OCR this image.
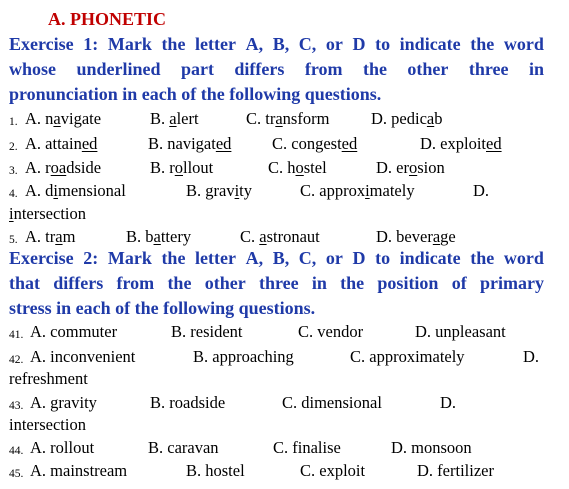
A. PHONETIC
Exercise 1: Mark the letter A, B, C, or D to indicate the word
whose underlined part differs from the other three in
pronunciation in each of the following questions.
1. A. navigate	B. alert	C. transform	D. pedicab
2. A. attained	B. navigated C. congested	D. exploited
3. A. roadside	B. rollout	C. hostel	D. erosion
4. A. dimensional	B. gravity	C. approximately	D.
intersection
5. A. tram	B. battery	C. astronaut	D. beverage
Exercise 2: Mark the letter A, B, C, or D to indicate the word
that differs from the other three in the position of primary
stress in each of the following questions.
41. A. commuter	B. resident	C. vendor	D. unpleasant
42. A. inconvenient	B. approaching	C. approximately	D.
refreshment
43. A. gravity	B. roadside	C. dimensional	D.
intersection
44. A. rollout	B. caravan	C. finalise	D. monsoon
45. A. mainstream	B. hostel	C. exploit	D. fertilizer
